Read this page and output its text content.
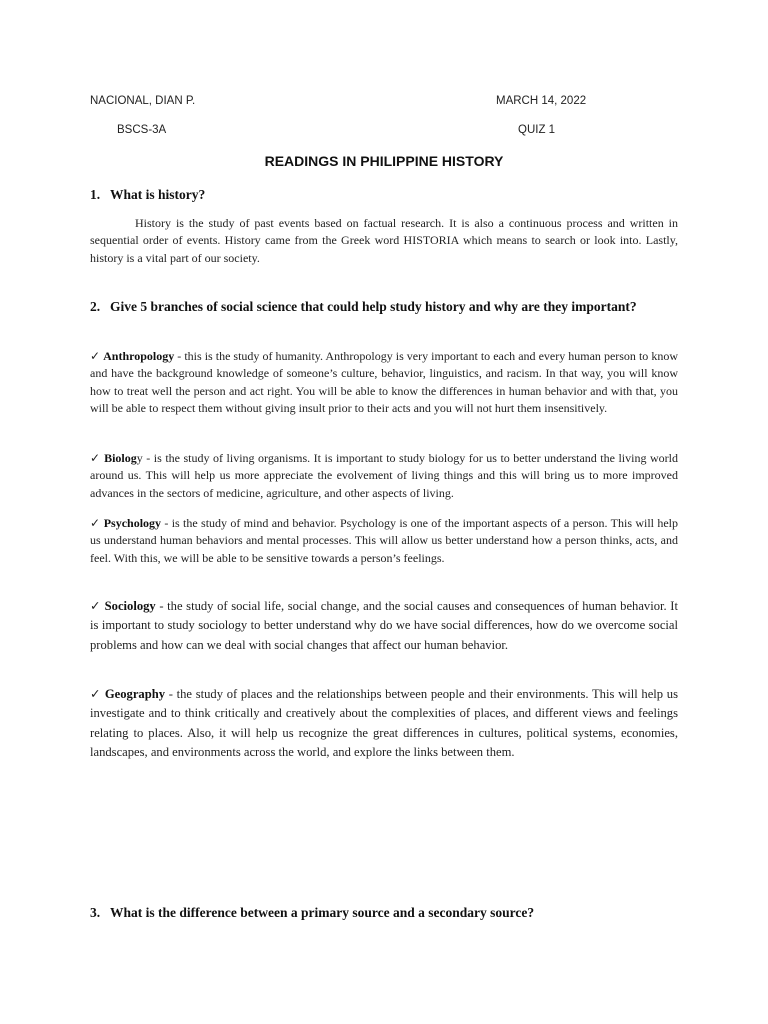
NACIONAL, DIAN P.	MARCH 14, 2022
BSCS-3A	QUIZ 1
READINGS IN PHILIPPINE HISTORY
1. What is history?
History is the study of past events based on factual research. It is also a continuous process and written in sequential order of events. History came from the Greek word HISTORIA which means to search or look into. Lastly, history is a vital part of our society.
2. Give 5 branches of social science that could help study history and why are they important?
✓ Anthropology - this is the study of humanity. Anthropology is very important to each and every human person to know and have the background knowledge of someone’s culture, behavior, linguistics, and racism. In that way, you will know how to treat well the person and act right. You will be able to know the differences in human behavior and with that, you will be able to respect them without giving insult prior to their acts and you will not hurt them insensitively.
✓ Biology - is the study of living organisms. It is important to study biology for us to better understand the living world around us. This will help us more appreciate the evolvement of living things and this will bring us to more improved advances in the sectors of medicine, agriculture, and other aspects of living.
✓ Psychology - is the study of mind and behavior. Psychology is one of the important aspects of a person. This will help us understand human behaviors and mental processes. This will allow us better understand how a person thinks, acts, and feel. With this, we will be able to be sensitive towards a person’s feelings.
✓ Sociology - the study of social life, social change, and the social causes and consequences of human behavior. It is important to study sociology to better understand why do we have social differences, how do we overcome social problems and how can we deal with social changes that affect our human behavior.
✓ Geography - the study of places and the relationships between people and their environments. This will help us investigate and to think critically and creatively about the complexities of places, and different views and feelings relating to places. Also, it will help us recognize the great differences in cultures, political systems, economies, landscapes, and environments across the world, and explore the links between them.
3. What is the difference between a primary source and a secondary source?
